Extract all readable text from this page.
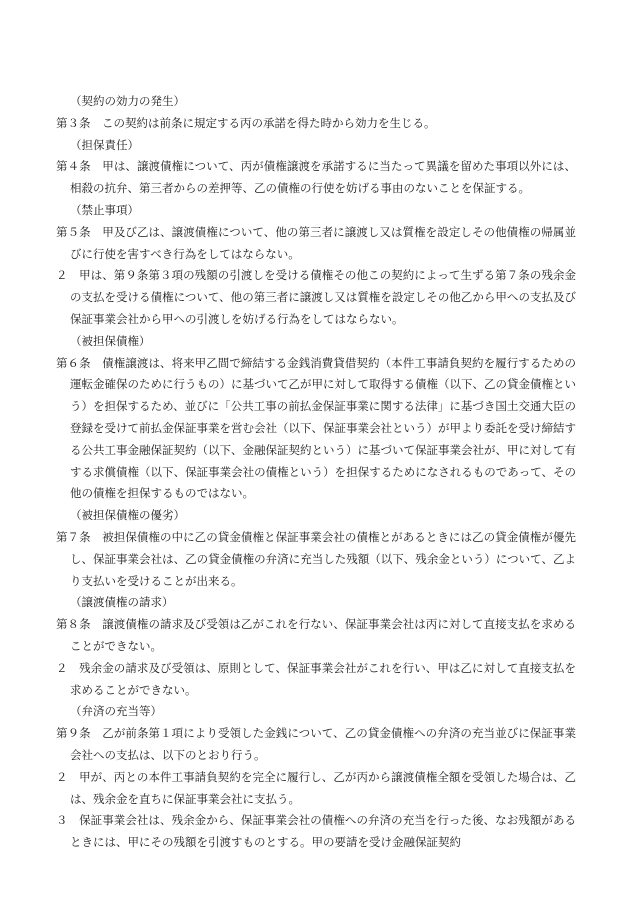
（契約の効力の発生）
第３条　この契約は前条に規定する丙の承諾を得た時から効力を生じる。
（担保責任）
第４条　甲は、譲渡債権について、丙が債権譲渡を承諾するに当たって異議を留めた事項以外には、相殺の抗弁、第三者からの差押等、乙の債権の行使を妨げる事由のないことを保証する。
（禁止事項）
第５条　甲及び乙は、譲渡債権について、他の第三者に譲渡し又は質権を設定しその他債権の帰属並びに行使を害すべき行為をしてはならない。
２　甲は、第９条第３項の残額の引渡しを受ける債権その他この契約によって生ずる第７条の残余金の支払を受ける債権について、他の第三者に譲渡し又は質権を設定しその他乙から甲への支払及び保証事業会社から甲への引渡しを妨げる行為をしてはならない。
（被担保債権）
第６条　債権譲渡は、将来甲乙間で締結する金銭消費貸借契約（本件工事請負契約を履行するための運転金確保のために行うもの）に基づいて乙が甲に対して取得する債権（以下、乙の貸金債権という）を担保するため、並びに「公共工事の前払金保証事業に関する法律」に基づき国土交通大臣の登録を受けて前払金保証事業を営む会社（以下、保証事業会社という）が甲より委託を受け締結する公共工事金融保証契約（以下、金融保証契約という）に基づいて保証事業会社が、甲に対して有する求償債権（以下、保証事業会社の債権という）を担保するためになされるものであって、その他の債権を担保するものではない。
（被担保債権の優劣）
第７条　被担保債権の中に乙の貸金債権と保証事業会社の債権とがあるときには乙の貸金債権が優先し、保証事業会社は、乙の貸金債権の弁済に充当した残額（以下、残余金という）について、乙より支払いを受けることが出来る。
（譲渡債権の請求）
第８条　譲渡債権の請求及び受領は乙がこれを行ない、保証事業会社は丙に対して直接支払を求めることができない。
２　残余金の請求及び受領は、原則として、保証事業会社がこれを行い、甲は乙に対して直接支払を求めることができない。
（弁済の充当等）
第９条　乙が前条第１項により受領した金銭について、乙の貸金債権への弁済の充当並びに保証事業会社への支払は、以下のとおり行う。
２　甲が、丙との本件工事請負契約を完全に履行し、乙が丙から譲渡債権全額を受領した場合は、乙は、残余金を直ちに保証事業会社に支払う。
３　保証事業会社は、残余金から、保証事業会社の債権への弁済の充当を行った後、なお残額があるときには、甲にその残額を引渡すものとする。甲の要請を受け金融保証契約
